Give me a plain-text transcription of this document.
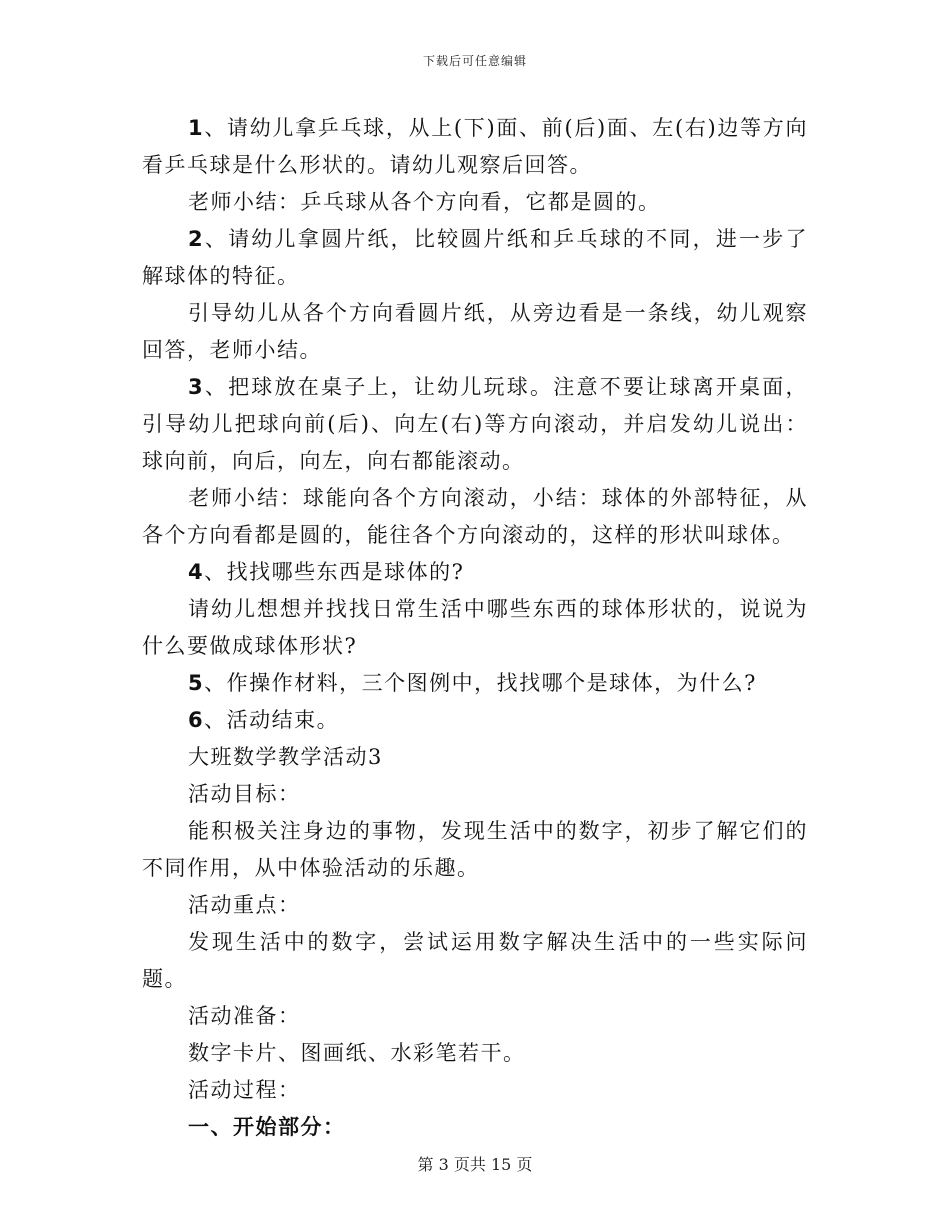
下载后可任意编辑

1、请幼儿拿乒乓球，从上(下)面、前(后)面、左(右)边等方向看乒乓球是什么形状的。请幼儿观察后回答。

老师小结：乒乓球从各个方向看，它都是圆的。

2、请幼儿拿圆片纸，比较圆片纸和乒乓球的不同，进一步了解球体的特征。

引导幼儿从各个方向看圆片纸，从旁边看是一条线，幼儿观察回答，老师小结。

3、把球放在桌子上，让幼儿玩球。注意不要让球离开桌面，引导幼儿把球向前(后)、向左(右)等方向滚动，并启发幼儿说出：球向前，向后，向左，向右都能滚动。

老师小结：球能向各个方向滚动，小结：球体的外部特征，从各个方向看都是圆的，能往各个方向滚动的，这样的形状叫球体。

4、找找哪些东西是球体的?

请幼儿想想并找找日常生活中哪些东西的球体形状的，说说为什么要做成球体形状?

5、作操作材料，三个图例中，找找哪个是球体，为什么?

6、活动结束。

大班数学教学活动3

活动目标：

能积极关注身边的事物，发现生活中的数字，初步了解它们的不同作用，从中体验活动的乐趣。

活动重点：

发现生活中的数字，尝试运用数字解决生活中的一些实际问题。

活动准备：

数字卡片、图画纸、水彩笔若干。

活动过程：

一、开始部分：

第 3 页共 15 页
